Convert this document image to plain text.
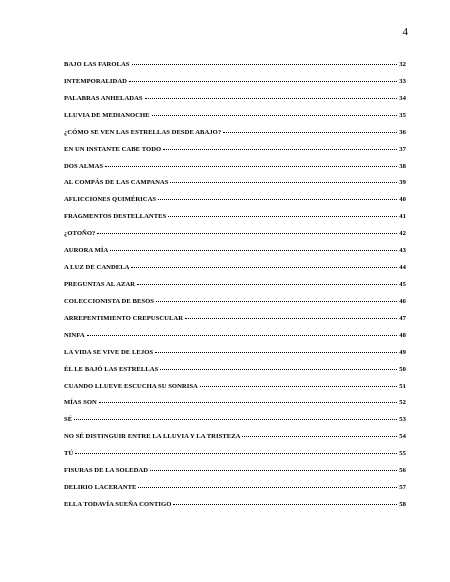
4
BAJO LAS FAROLAS	32
INTEMPORALIDAD	33
PALABRAS ANHELADAS	34
LLUVIA DE MEDIANOCHE	35
¿CÓMO SE VEN LAS ESTRELLAS DESDE ABAJO?	36
EN UN INSTANTE CABE TODO	37
DOS ALMAS	38
AL COMPÁS DE LAS CAMPANAS	39
AFLICCIONES QUIMÉRICAS	40
FRAGMENTOS DESTELLANTES	41
¿OTOÑO?	42
AURORA MÍA	43
A LUZ DE CANDELA	44
PREGUNTAS AL AZAR	45
COLECCIONISTA DE BESOS	46
ARREPENTIMIENTO CREPUSCULAR	47
NINFA	48
LA VIDA SE VIVE DE LEJOS	49
ÉL LE BAJÓ LAS ESTRELLAS	50
CUANDO LLUEVE ESCUCHA SU SONRISA	51
MÍAS SON	52
SÉ	53
NO SÉ DISTINGUIR ENTRE LA LLUVIA Y LA TRISTEZA	54
TÚ	55
FISURAS DE LA SOLEDAD	56
DELIRIO LACERANTE	57
ELLA TODAVÍA SUEÑA CONTIGO	58
